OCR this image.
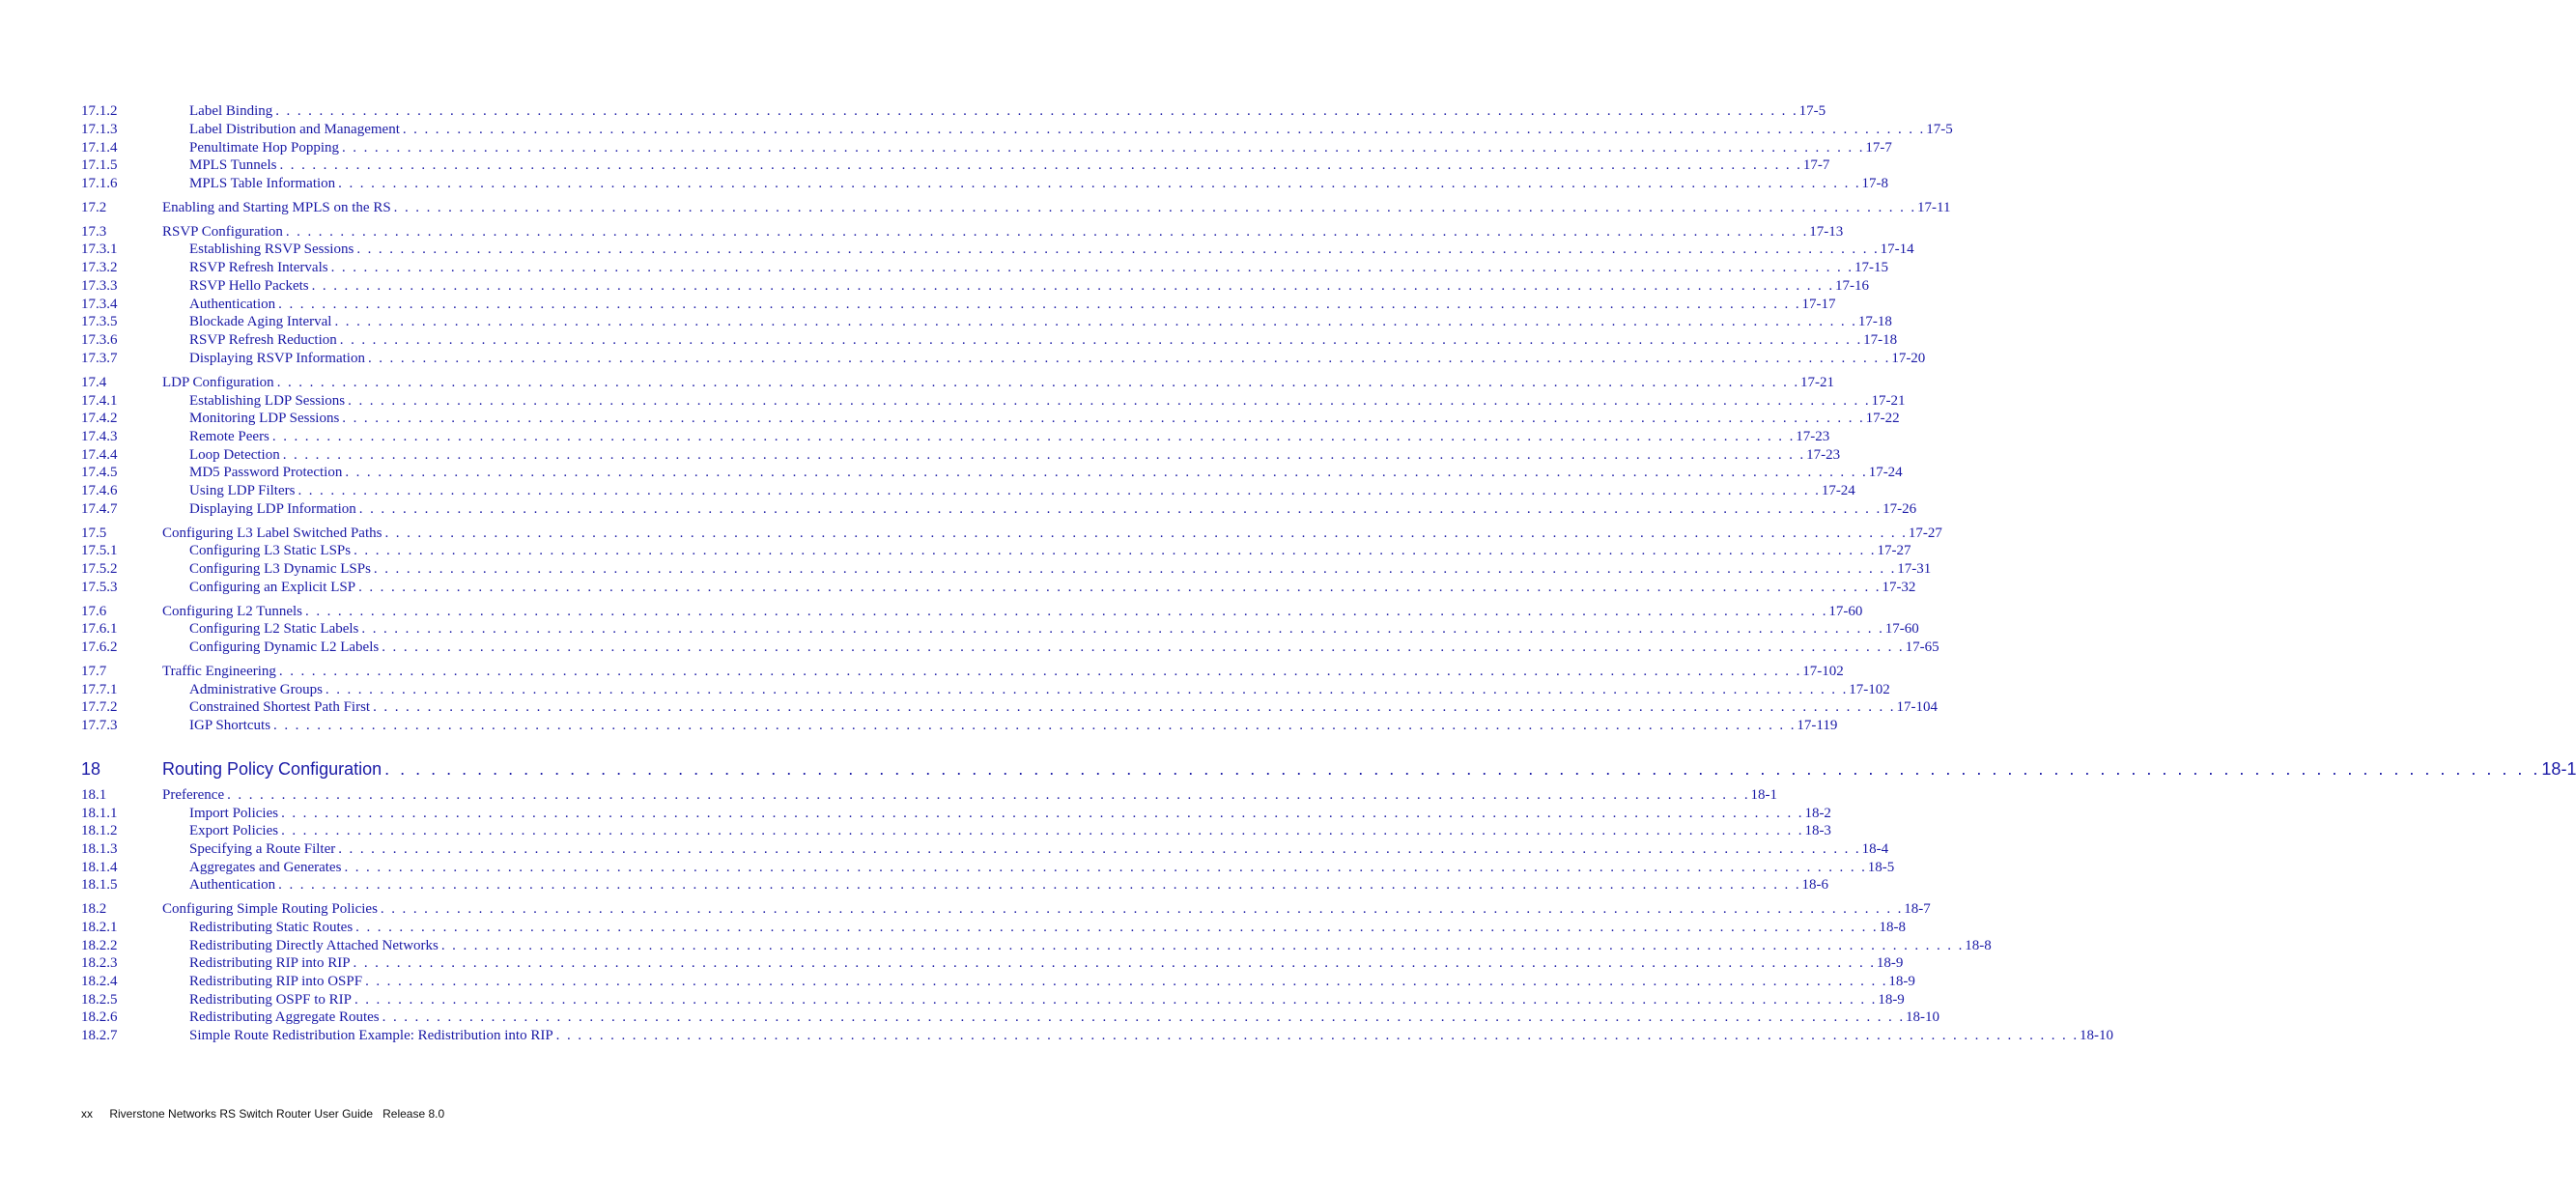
17.1.2	Label Binding . . . . . . . . . . . . . . . . . . . . . . . . . . . . . . . . . . . . . . . . . . . . . . . . . . . . . . . . . . . . . . . . . . . . . . . . . . . . . . . . . . . . . . . . . . . . . . . . . . . . . . . . . . . . . . . . . . . . . . . . . . . . . . . . . . . . . . . . . . . . 17-5
17.1.3	Label Distribution and Management . . . . . . . . . . . . . . . . . . . . . . . . . . . . . . . . . . . . . . . . . . . . . . . . . . . . . . . . . . . . . . . . . . . . . . . . . . . . . . . . . . . . . . . . . . . . . . . . . . . . . . . . . . . . . . . . . . . . . . . . . . . . . . . . . . . . . . . . . . . . 17-5
17.1.4	Penultimate Hop Popping . . . . . . . . . . . . . . . . . . . . . . . . . . . . . . . . . . . . . . . . . . . . . . . . . . . . . . . . . . . . . . . . . . . . . . . . . . . . . . . . . . . . . . . . . . . . . . . . . . . . . . . . . . . . . . . . . . . . . . . . . . . . . . . . . . . . . . . . . . . . 17-7
17.1.5	MPLS Tunnels . . . . . . . . . . . . . . . . . . . . . . . . . . . . . . . . . . . . . . . . . . . . . . . . . . . . . . . . . . . . . . . . . . . . . . . . . . . . . . . . . . . . . . . . . . . . . . . . . . . . . . . . . . . . . . . . . . . . . . . . . . . . . . . . . . . . . . . . . . . . 17-7
17.1.6	MPLS Table Information . . . . . . . . . . . . . . . . . . . . . . . . . . . . . . . . . . . . . . . . . . . . . . . . . . . . . . . . . . . . . . . . . . . . . . . . . . . . . . . . . . . . . . . . . . . . . . . . . . . . . . . . . . . . . . . . . . . . . . . . . . . . . . . . . . . . . . . . . . . . 17-8
17.2	Enabling and Starting MPLS on the RS . . . . . . . . . . . . . . . . . . . . . . . . . . . . . . . . . . . . . . . . . . . . . . . . . . . . . . . . . . . . . . . . . . . . . . . . . . . . . . . . . . . . . . . . . . . . . . . . . . . . . . . . . . . . . . . . . . . . . . . . . . . . . . . . . . . . . . . . . . . . 17-11
17.3	RSVP Configuration . . . . . . . . . . . . . . . . . . . . . . . . . . . . . . . . . . . . . . . . . . . . . . . . . . . . . . . . . . . . . . . . . . . . . . . . . . . . . . . . . . . . . . . . . . . . . . . . . . . . . . . . . . . . . . . . . . . . . . . . . . . . . . . . . . . . . . . . . . . . 17-13
17.3.1	Establishing RSVP Sessions . . . . . . . . . . . . . . . . . . . . . . . . . . . . . . . . . . . . . . . . . . . . . . . . . . . . . . . . . . . . . . . . . . . . . . . . . . . . . . . . . . . . . . . . . . . . . . . . . . . . . . . . . . . . . . . . . . . . . . . . . . . . . . . . . . . . . . . . . . . . 17-14
17.3.2	RSVP Refresh Intervals . . . . . . . . . . . . . . . . . . . . . . . . . . . . . . . . . . . . . . . . . . . . . . . . . . . . . . . . . . . . . . . . . . . . . . . . . . . . . . . . . . . . . . . . . . . . . . . . . . . . . . . . . . . . . . . . . . . . . . . . . . . . . . . . . . . . . . . . . . . . 17-15
17.3.3	RSVP Hello Packets . . . . . . . . . . . . . . . . . . . . . . . . . . . . . . . . . . . . . . . . . . . . . . . . . . . . . . . . . . . . . . . . . . . . . . . . . . . . . . . . . . . . . . . . . . . . . . . . . . . . . . . . . . . . . . . . . . . . . . . . . . . . . . . . . . . . . . . . . . . . 17-16
17.3.4	Authentication . . . . . . . . . . . . . . . . . . . . . . . . . . . . . . . . . . . . . . . . . . . . . . . . . . . . . . . . . . . . . . . . . . . . . . . . . . . . . . . . . . . . . . . . . . . . . . . . . . . . . . . . . . . . . . . . . . . . . . . . . . . . . . . . . . . . . . . . . . . . 17-17
17.3.5	Blockade Aging Interval . . . . . . . . . . . . . . . . . . . . . . . . . . . . . . . . . . . . . . . . . . . . . . . . . . . . . . . . . . . . . . . . . . . . . . . . . . . . . . . . . . . . . . . . . . . . . . . . . . . . . . . . . . . . . . . . . . . . . . . . . . . . . . . . . . . . . . . . . . . . 17-18
17.3.6	RSVP Refresh Reduction . . . . . . . . . . . . . . . . . . . . . . . . . . . . . . . . . . . . . . . . . . . . . . . . . . . . . . . . . . . . . . . . . . . . . . . . . . . . . . . . . . . . . . . . . . . . . . . . . . . . . . . . . . . . . . . . . . . . . . . . . . . . . . . . . . . . . . . . . . . . 17-18
17.3.7	Displaying RSVP Information . . . . . . . . . . . . . . . . . . . . . . . . . . . . . . . . . . . . . . . . . . . . . . . . . . . . . . . . . . . . . . . . . . . . . . . . . . . . . . . . . . . . . . . . . . . . . . . . . . . . . . . . . . . . . . . . . . . . . . . . . . . . . . . . . . . . . . . . . . . . 17-20
17.4	LDP Configuration . . . . . . . . . . . . . . . . . . . . . . . . . . . . . . . . . . . . . . . . . . . . . . . . . . . . . . . . . . . . . . . . . . . . . . . . . . . . . . . . . . . . . . . . . . . . . . . . . . . . . . . . . . . . . . . . . . . . . . . . . . . . . . . . . . . . . . . . . . . . 17-21
17.4.1	Establishing LDP Sessions . . . . . . . . . . . . . . . . . . . . . . . . . . . . . . . . . . . . . . . . . . . . . . . . . . . . . . . . . . . . . . . . . . . . . . . . . . . . . . . . . . . . . . . . . . . . . . . . . . . . . . . . . . . . . . . . . . . . . . . . . . . . . . . . . . . . . . . . . . . . 17-21
17.4.2	Monitoring LDP Sessions . . . . . . . . . . . . . . . . . . . . . . . . . . . . . . . . . . . . . . . . . . . . . . . . . . . . . . . . . . . . . . . . . . . . . . . . . . . . . . . . . . . . . . . . . . . . . . . . . . . . . . . . . . . . . . . . . . . . . . . . . . . . . . . . . . . . . . . . . . . . 17-22
17.4.3	Remote Peers . . . . . . . . . . . . . . . . . . . . . . . . . . . . . . . . . . . . . . . . . . . . . . . . . . . . . . . . . . . . . . . . . . . . . . . . . . . . . . . . . . . . . . . . . . . . . . . . . . . . . . . . . . . . . . . . . . . . . . . . . . . . . . . . . . . . . . . . . . . . 17-23
17.4.4	Loop Detection . . . . . . . . . . . . . . . . . . . . . . . . . . . . . . . . . . . . . . . . . . . . . . . . . . . . . . . . . . . . . . . . . . . . . . . . . . . . . . . . . . . . . . . . . . . . . . . . . . . . . . . . . . . . . . . . . . . . . . . . . . . . . . . . . . . . . . . . . . . . 17-23
17.4.5	MD5 Password Protection . . . . . . . . . . . . . . . . . . . . . . . . . . . . . . . . . . . . . . . . . . . . . . . . . . . . . . . . . . . . . . . . . . . . . . . . . . . . . . . . . . . . . . . . . . . . . . . . . . . . . . . . . . . . . . . . . . . . . . . . . . . . . . . . . . . . . . . . . . . . 17-24
17.4.6	Using LDP Filters . . . . . . . . . . . . . . . . . . . . . . . . . . . . . . . . . . . . . . . . . . . . . . . . . . . . . . . . . . . . . . . . . . . . . . . . . . . . . . . . . . . . . . . . . . . . . . . . . . . . . . . . . . . . . . . . . . . . . . . . . . . . . . . . . . . . . . . . . . . . 17-24
17.4.7	Displaying LDP Information . . . . . . . . . . . . . . . . . . . . . . . . . . . . . . . . . . . . . . . . . . . . . . . . . . . . . . . . . . . . . . . . . . . . . . . . . . . . . . . . . . . . . . . . . . . . . . . . . . . . . . . . . . . . . . . . . . . . . . . . . . . . . . . . . . . . . . . . . . . . 17-26
17.5	Configuring L3 Label Switched Paths . . . . . . . . . . . . . . . . . . . . . . . . . . . . . . . . . . . . . . . . . . . . . . . . . . . . . . . . . . . . . . . . . . . . . . . . . . . . . . . . . . . . . . . . . . . . . . . . . . . . . . . . . . . . . . . . . . . . . . . . . . . . . . . . . . . . . . . . . . . . 17-27
17.5.1	Configuring L3 Static LSPs . . . . . . . . . . . . . . . . . . . . . . . . . . . . . . . . . . . . . . . . . . . . . . . . . . . . . . . . . . . . . . . . . . . . . . . . . . . . . . . . . . . . . . . . . . . . . . . . . . . . . . . . . . . . . . . . . . . . . . . . . . . . . . . . . . . . . . . . . . . . 17-27
17.5.2	Configuring L3 Dynamic LSPs . . . . . . . . . . . . . . . . . . . . . . . . . . . . . . . . . . . . . . . . . . . . . . . . . . . . . . . . . . . . . . . . . . . . . . . . . . . . . . . . . . . . . . . . . . . . . . . . . . . . . . . . . . . . . . . . . . . . . . . . . . . . . . . . . . . . . . . . . . . . 17-31
17.5.3	Configuring an Explicit LSP . . . . . . . . . . . . . . . . . . . . . . . . . . . . . . . . . . . . . . . . . . . . . . . . . . . . . . . . . . . . . . . . . . . . . . . . . . . . . . . . . . . . . . . . . . . . . . . . . . . . . . . . . . . . . . . . . . . . . . . . . . . . . . . . . . . . . . . . . . . . 17-32
17.6	Configuring L2 Tunnels . . . . . . . . . . . . . . . . . . . . . . . . . . . . . . . . . . . . . . . . . . . . . . . . . . . . . . . . . . . . . . . . . . . . . . . . . . . . . . . . . . . . . . . . . . . . . . . . . . . . . . . . . . . . . . . . . . . . . . . . . . . . . . . . . . . . . . . . . . . . 17-60
17.6.1	Configuring L2 Static Labels . . . . . . . . . . . . . . . . . . . . . . . . . . . . . . . . . . . . . . . . . . . . . . . . . . . . . . . . . . . . . . . . . . . . . . . . . . . . . . . . . . . . . . . . . . . . . . . . . . . . . . . . . . . . . . . . . . . . . . . . . . . . . . . . . . . . . . . . . . . . 17-60
17.6.2	Configuring Dynamic L2 Labels . . . . . . . . . . . . . . . . . . . . . . . . . . . . . . . . . . . . . . . . . . . . . . . . . . . . . . . . . . . . . . . . . . . . . . . . . . . . . . . . . . . . . . . . . . . . . . . . . . . . . . . . . . . . . . . . . . . . . . . . . . . . . . . . . . . . . . . . . . . . 17-65
17.7	Traffic Engineering . . . . . . . . . . . . . . . . . . . . . . . . . . . . . . . . . . . . . . . . . . . . . . . . . . . . . . . . . . . . . . . . . . . . . . . . . . . . . . . . . . . . . . . . . . . . . . . . . . . . . . . . . . . . . . . . . . . . . . . . . . . . . . . . . . . . . . . . . . . . 17-102
17.7.1	Administrative Groups . . . . . . . . . . . . . . . . . . . . . . . . . . . . . . . . . . . . . . . . . . . . . . . . . . . . . . . . . . . . . . . . . . . . . . . . . . . . . . . . . . . . . . . . . . . . . . . . . . . . . . . . . . . . . . . . . . . . . . . . . . . . . . . . . . . . . . . . . . . . 17-102
17.7.2	Constrained Shortest Path First . . . . . . . . . . . . . . . . . . . . . . . . . . . . . . . . . . . . . . . . . . . . . . . . . . . . . . . . . . . . . . . . . . . . . . . . . . . . . . . . . . . . . . . . . . . . . . . . . . . . . . . . . . . . . . . . . . . . . . . . . . . . . . . . . . . . . . . . . . . . 17-104
17.7.3	IGP Shortcuts . . . . . . . . . . . . . . . . . . . . . . . . . . . . . . . . . . . . . . . . . . . . . . . . . . . . . . . . . . . . . . . . . . . . . . . . . . . . . . . . . . . . . . . . . . . . . . . . . . . . . . . . . . . . . . . . . . . . . . . . . . . . . . . . . . . . . . . . . . . . 17-119
18	Routing Policy Configuration . . . . . . . . . . . . . . . . . . . . . . . . . . . . . . . . . . . . . . . . . . . . . . . . . . . . . . . . . . . . . . . . . . . . . . . . . . . . . . . . . . . . . . . . . . . . . . . . . . . . . . . . . . . . . . . . . . . . . . . . . . . . . . . . . . . . . . . . . . . . 18-1
18.1	Preference . . . . . . . . . . . . . . . . . . . . . . . . . . . . . . . . . . . . . . . . . . . . . . . . . . . . . . . . . . . . . . . . . . . . . . . . . . . . . . . . . . . . . . . . . . . . . . . . . . . . . . . . . . . . . . . . . . . . . . . . . . . . . . . . . . . . . . . . . . . . 18-1
18.1.1	Import Policies . . . . . . . . . . . . . . . . . . . . . . . . . . . . . . . . . . . . . . . . . . . . . . . . . . . . . . . . . . . . . . . . . . . . . . . . . . . . . . . . . . . . . . . . . . . . . . . . . . . . . . . . . . . . . . . . . . . . . . . . . . . . . . . . . . . . . . . . . . . . 18-2
18.1.2	Export Policies . . . . . . . . . . . . . . . . . . . . . . . . . . . . . . . . . . . . . . . . . . . . . . . . . . . . . . . . . . . . . . . . . . . . . . . . . . . . . . . . . . . . . . . . . . . . . . . . . . . . . . . . . . . . . . . . . . . . . . . . . . . . . . . . . . . . . . . . . . . . 18-3
18.1.3	Specifying a Route Filter . . . . . . . . . . . . . . . . . . . . . . . . . . . . . . . . . . . . . . . . . . . . . . . . . . . . . . . . . . . . . . . . . . . . . . . . . . . . . . . . . . . . . . . . . . . . . . . . . . . . . . . . . . . . . . . . . . . . . . . . . . . . . . . . . . . . . . . . . . . . 18-4
18.1.4	Aggregates and Generates . . . . . . . . . . . . . . . . . . . . . . . . . . . . . . . . . . . . . . . . . . . . . . . . . . . . . . . . . . . . . . . . . . . . . . . . . . . . . . . . . . . . . . . . . . . . . . . . . . . . . . . . . . . . . . . . . . . . . . . . . . . . . . . . . . . . . . . . . . . . 18-5
18.1.5	Authentication . . . . . . . . . . . . . . . . . . . . . . . . . . . . . . . . . . . . . . . . . . . . . . . . . . . . . . . . . . . . . . . . . . . . . . . . . . . . . . . . . . . . . . . . . . . . . . . . . . . . . . . . . . . . . . . . . . . . . . . . . . . . . . . . . . . . . . . . . . . . 18-6
18.2	Configuring Simple Routing Policies . . . . . . . . . . . . . . . . . . . . . . . . . . . . . . . . . . . . . . . . . . . . . . . . . . . . . . . . . . . . . . . . . . . . . . . . . . . . . . . . . . . . . . . . . . . . . . . . . . . . . . . . . . . . . . . . . . . . . . . . . . . . . . . . . . . . . . . . . . . . 18-7
18.2.1	Redistributing Static Routes . . . . . . . . . . . . . . . . . . . . . . . . . . . . . . . . . . . . . . . . . . . . . . . . . . . . . . . . . . . . . . . . . . . . . . . . . . . . . . . . . . . . . . . . . . . . . . . . . . . . . . . . . . . . . . . . . . . . . . . . . . . . . . . . . . . . . . . . . . . . 18-8
18.2.2	Redistributing Directly Attached Networks . . . . . . . . . . . . . . . . . . . . . . . . . . . . . . . . . . . . . . . . . . . . . . . . . . . . . . . . . . . . . . . . . . . . . . . . . . . . . . . . . . . . . . . . . . . . . . . . . . . . . . . . . . . . . . . . . . . . . . . . . . . . . . . . . . . . . . . . . . . . 18-8
18.2.3	Redistributing RIP into RIP . . . . . . . . . . . . . . . . . . . . . . . . . . . . . . . . . . . . . . . . . . . . . . . . . . . . . . . . . . . . . . . . . . . . . . . . . . . . . . . . . . . . . . . . . . . . . . . . . . . . . . . . . . . . . . . . . . . . . . . . . . . . . . . . . . . . . . . . . . . . 18-9
18.2.4	Redistributing RIP into OSPF . . . . . . . . . . . . . . . . . . . . . . . . . . . . . . . . . . . . . . . . . . . . . . . . . . . . . . . . . . . . . . . . . . . . . . . . . . . . . . . . . . . . . . . . . . . . . . . . . . . . . . . . . . . . . . . . . . . . . . . . . . . . . . . . . . . . . . . . . . . . 18-9
18.2.5	Redistributing OSPF to RIP . . . . . . . . . . . . . . . . . . . . . . . . . . . . . . . . . . . . . . . . . . . . . . . . . . . . . . . . . . . . . . . . . . . . . . . . . . . . . . . . . . . . . . . . . . . . . . . . . . . . . . . . . . . . . . . . . . . . . . . . . . . . . . . . . . . . . . . . . . . . 18-9
18.2.6	Redistributing Aggregate Routes . . . . . . . . . . . . . . . . . . . . . . . . . . . . . . . . . . . . . . . . . . . . . . . . . . . . . . . . . . . . . . . . . . . . . . . . . . . . . . . . . . . . . . . . . . . . . . . . . . . . . . . . . . . . . . . . . . . . . . . . . . . . . . . . . . . . . . . . . . . . 18-10
18.2.7	Simple Route Redistribution Example: Redistribution into RIP . . . . . . . . . . . . . . . . . . . . . . . . . . . . . . . . . . . . . . . . . . . . . . . . . . . . . . . . . . . . . . . . . . . . . . . . . . . . . . . . . . . . . . . . . . . . . . . . . . . . . . . . . . . . . . . . . . . . . . . . . . . . . . . . . . . . . . . . . . . . 18-10
xx Riverstone Networks RS Switch Router User Guide   Release 8.0
